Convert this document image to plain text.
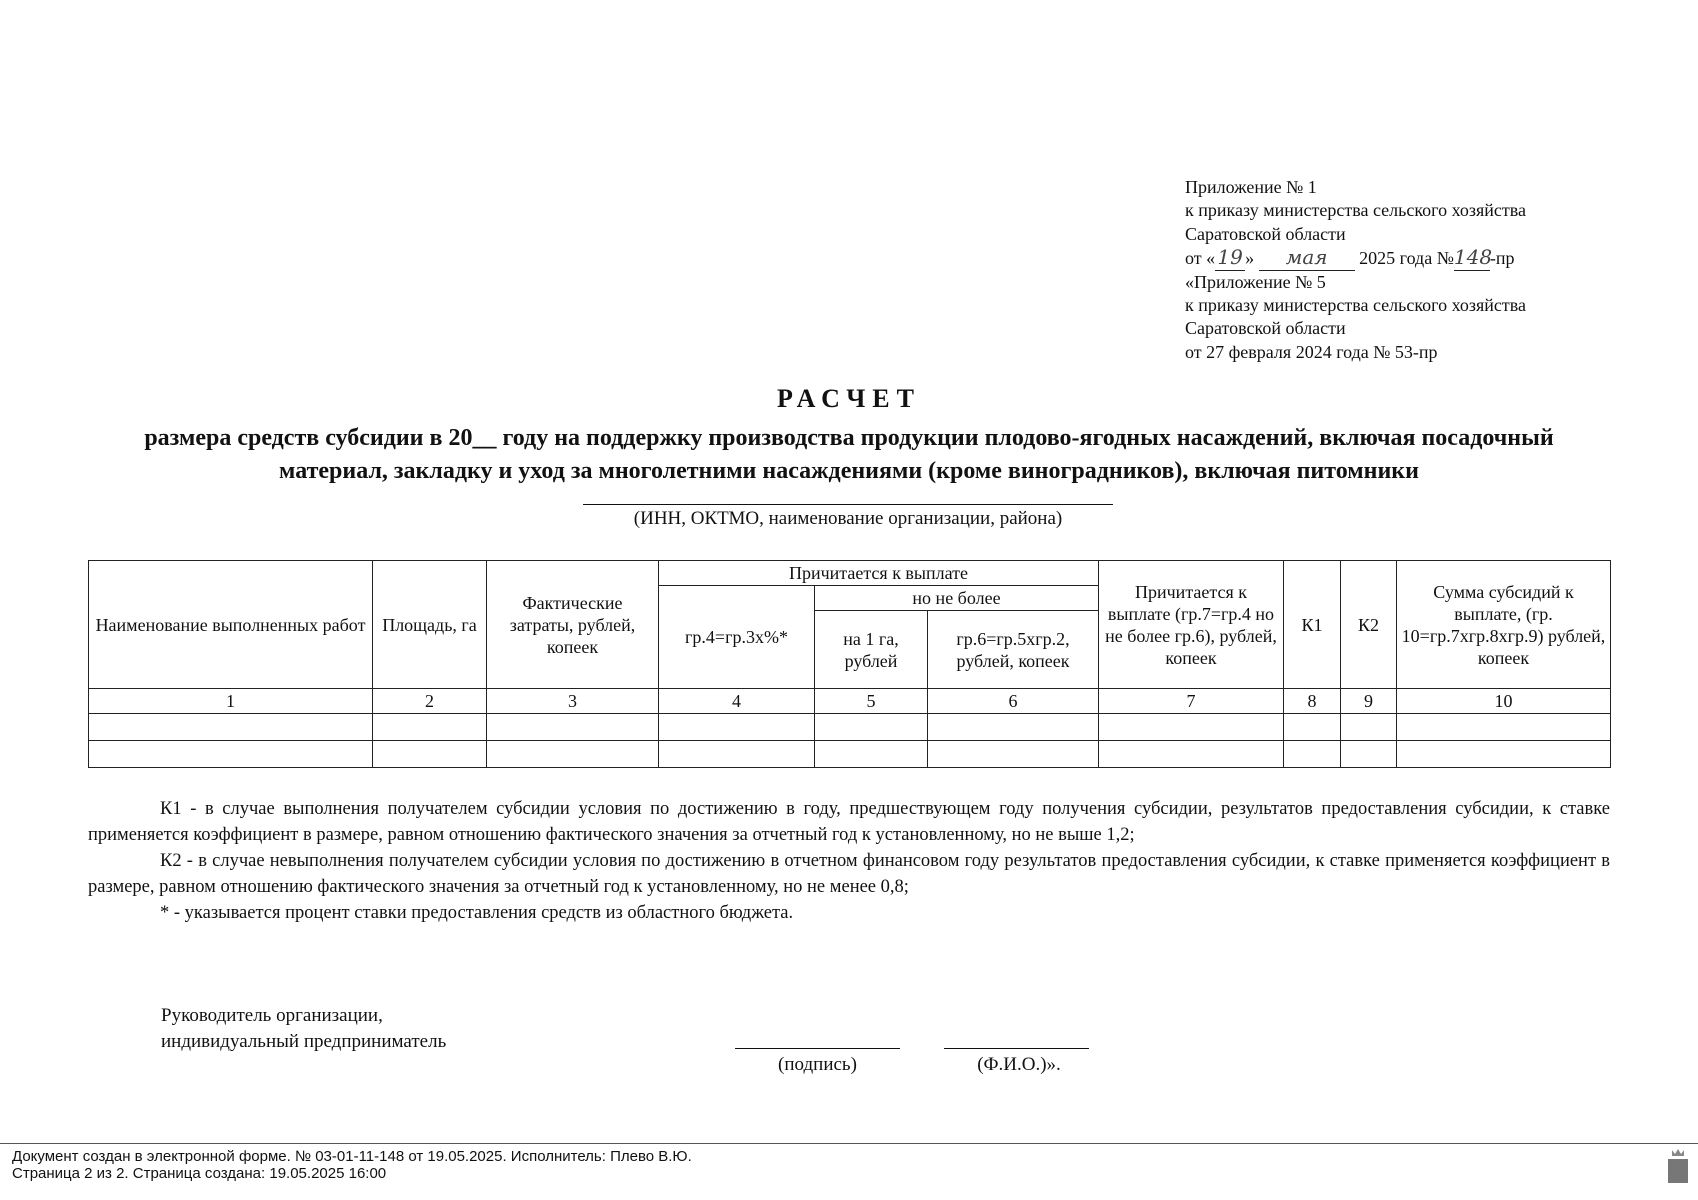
Приложение № 1
к приказу министерства сельского хозяйства
Саратовской области
от « 19 » мая 2025 года №148-пр
«Приложение № 5
к приказу министерства сельского хозяйства
Саратовской области
от 27 февраля 2024 года № 53-пр
РАСЧЕТ
размера средств субсидии в 20__ году на поддержку производства продукции плодово-ягодных насаждений, включая посадочный материал, закладку и уход за многолетними насаждениями (кроме виноградников), включая питомники
(ИНН, ОКТМО, наименование организации, района)
Наименование выполненных работ	Площадь, га	Фактические затраты, рублей, копеек	Причитается к выплате			Причитается к выплате (гр.7=гр.4 но не более гр.6), рублей, копеек	К1	К2	Сумма субсидий к выплате, (гр. 10=гр.7хгр.8хгр.9) рублей, копеек
			гр.4=гр.3х%*	но не более					
				на 1 га, рублей	гр.6=гр.5хгр.2, рублей, копеек				
1	2	3	4	5	6	7	8	9	10

К1 - в случае выполнения получателем субсидии условия по достижению в году, предшествующем году получения субсидии, результатов предоставления субсидии, к ставке применяется коэффициент в размере, равном отношению фактического значения за отчетный год к установленному, но не выше 1,2;

К2 - в случае невыполнения получателем субсидии условия по достижению в отчетном финансовом году результатов предоставления субсидии, к ставке применяется коэффициент в размере, равном отношению фактического значения за отчетный год к установленному, но не менее 0,8;

* - указывается процент ставки предоставления средств из областного бюджета.

Руководитель организации,
индивидуальный предприниматель
(подпись)	(Ф.И.О.)».
Документ создан в электронной форме. № 03-01-11-148 от 19.05.2025. Исполнитель: Плево В.Ю.
Страница 2 из 2. Страница создана: 19.05.2025 16:00
